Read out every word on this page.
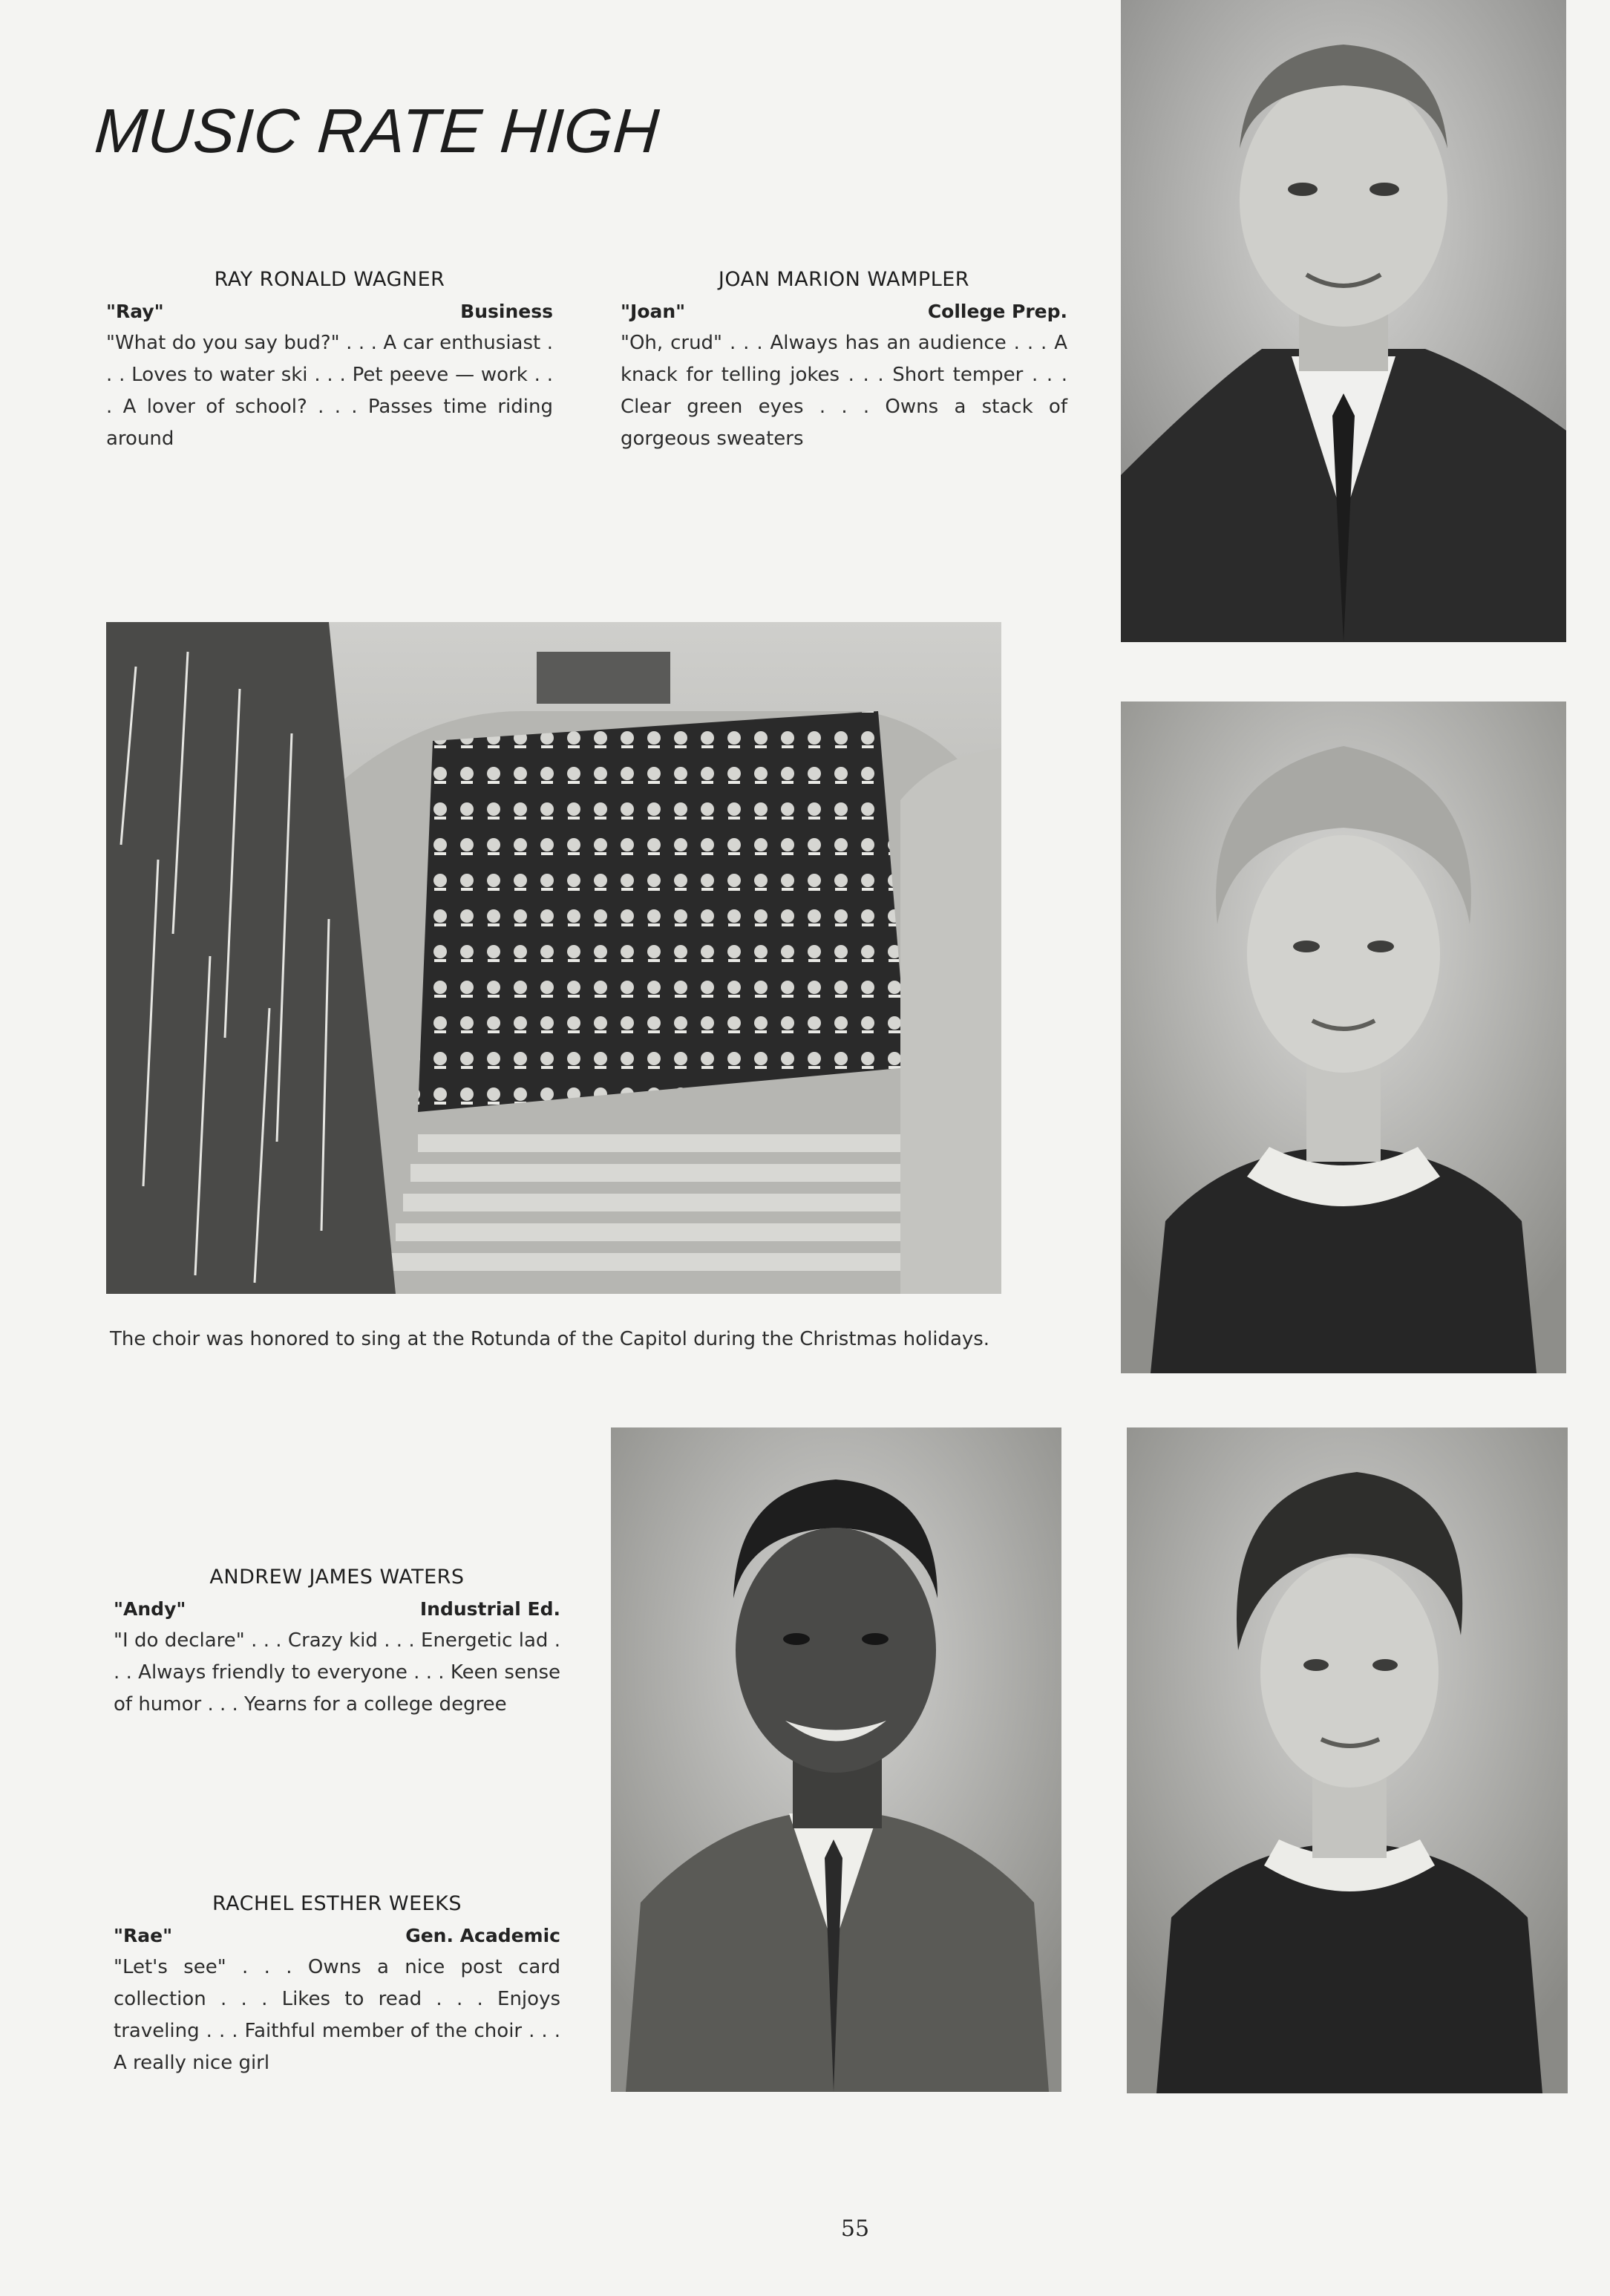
MUSIC RATE HIGH
RAY RONALD WAGNER
"Ray"	Business
"What do you say bud?" . . . A car enthusiast . . . Loves to water ski . . . Pet peeve — work . . . A lover of school? . . . Passes time riding around
JOAN MARION WAMPLER
"Joan"	College Prep.
"Oh, crud" . . . Always has an audience . . . A knack for telling jokes . . . Short temper . . . Clear green eyes . . . Owns a stack of gorgeous sweaters
The choir was honored to sing at the Rotunda of the Capitol during the Christmas holidays.
ANDREW JAMES WATERS
"Andy"	Industrial Ed.
"I do declare" . . . Crazy kid . . . Energetic lad . . . Always friendly to everyone . . . Keen sense of humor . . . Yearns for a college degree
RACHEL ESTHER WEEKS
"Rae"	Gen. Academic
"Let's see" . . . Owns a nice post card collection . . . Likes to read . . . Enjoys traveling . . . Faithful member of the choir . . . A really nice girl
55
